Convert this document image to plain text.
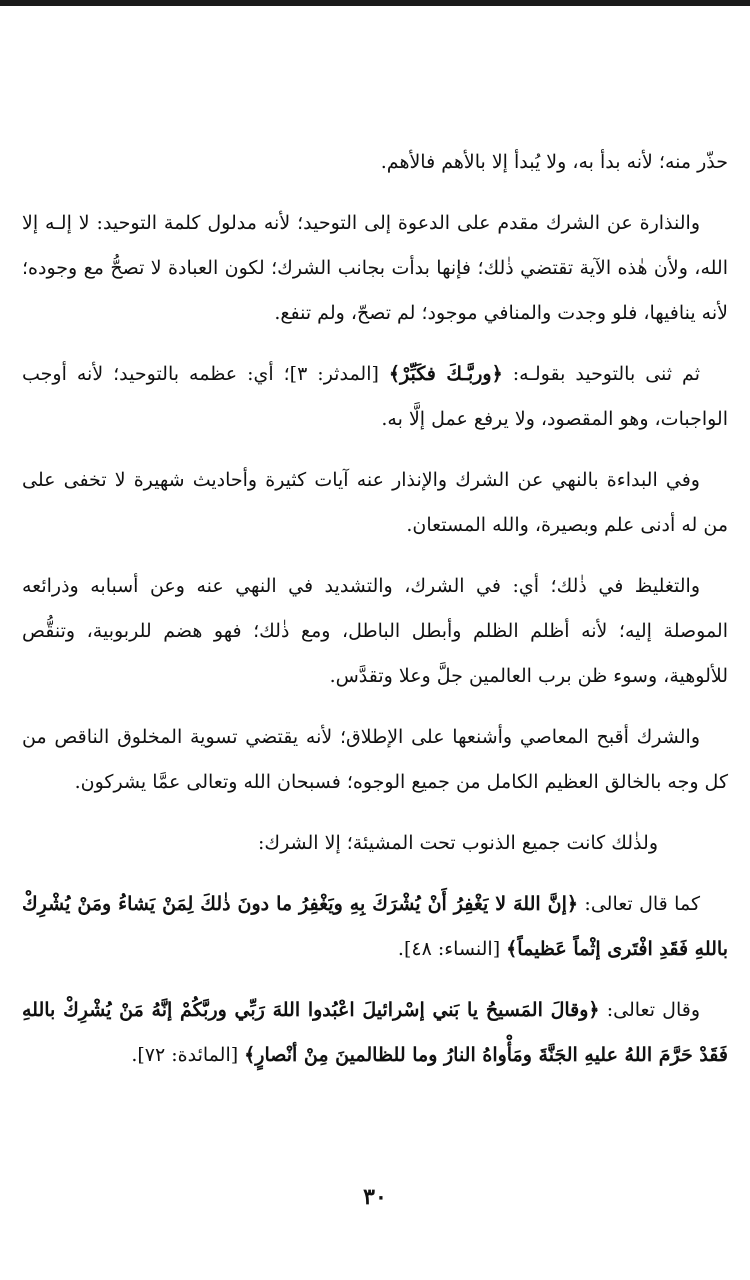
حذّر منه؛ لأنه بدأ به، ولا يُبدأ إلا بالأهم فالأهم.

والنذارة عن الشرك مقدم على الدعوة إلى التوحيد؛ لأنه مدلول كلمة التوحيد: لا إلـه إلا الله، ولأن هٰذه الآية تقتضي ذٰلك؛ فإنها بدأت بجانب الشرك؛ لكون العبادة لا تصحُّ مع وجوده؛ لأنه ينافيها، فلو وجدت والمنافي موجود؛ لم تصحّ، ولم تنفع.

ثم ثنى بالتوحيد بقولـه: ﴿وربَّـكَ فكَبِّرْ﴾ [المدثر: ٣]؛ أي: عظمه بالتوحيد؛ لأنه أوجب الواجبات، وهو المقصود، ولا يرفع عمل إلَّا به.

وفي البداءة بالنهي عن الشرك والإنذار عنه آيات كثيرة وأحاديث شهيرة لا تخفى على من له أدنى علم وبصيرة، والله المستعان.

والتغليظ في ذٰلك؛ أي: في الشرك، والتشديد في النهي عنه وعن أسبابه وذرائعه الموصلة إليه؛ لأنه أظلم الظلم وأبطل الباطل، ومع ذٰلك؛ فهو هضم للربوبية، وتنقُّص للألوهية، وسوء ظن برب العالمين جلَّ وعلا وتقدَّس.

والشرك أقبح المعاصي وأشنعها على الإطلاق؛ لأنه يقتضي تسوية المخلوق الناقص من كل وجه بالخالق العظيم الكامل من جميع الوجوه؛ فسبحان الله وتعالى عمَّا يشركون.

ولذٰلك كانت جميع الذنوب تحت المشيئة؛ إلا الشرك:

كما قال تعالى: ﴿إنَّ اللهَ لا يَغْفِرُ أَنْ يُشْرَكَ بِهِ ويَغْفِرُ ما دونَ ذٰلكَ لِمَنْ يَشاءُ ومَنْ يُشْرِكْ باللهِ فَقَدِ افْتَرى إثْماً عَظيماً﴾ [النساء: ٤٨].

وقال تعالى: ﴿وقالَ المَسيحُ يا بَني إسْرائيلَ اعْبُدوا اللهَ رَبِّي وربَّكُمْ إنَّهُ مَنْ يُشْرِكْ باللهِ فَقَدْ حَرَّمَ اللهُ عليهِ الجَنَّةَ ومَأْواهُ النارُ وما للظالمينَ مِنْ أنْصارٍ﴾ [المائدة: ٧٢].

٣٠
